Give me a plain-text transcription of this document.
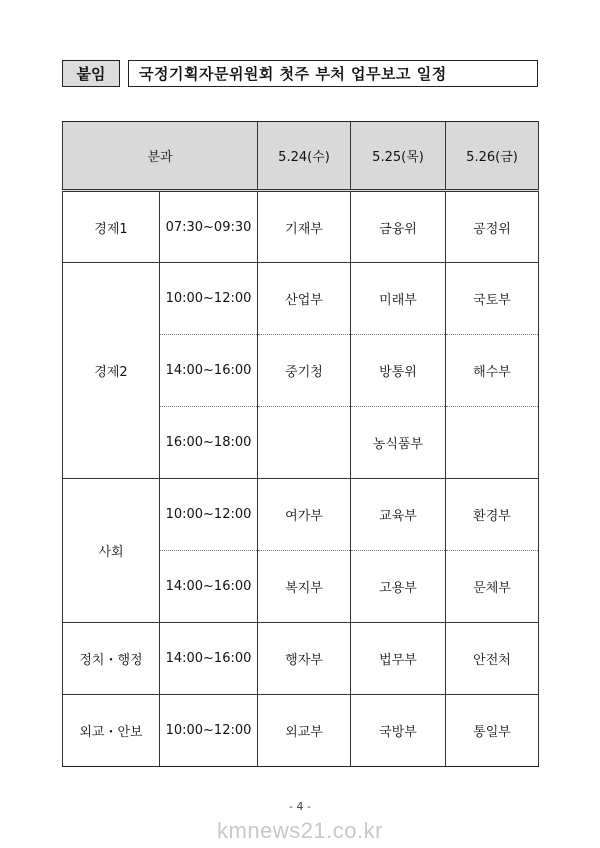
붙임	국정기획자문위원회 첫주 부처 업무보고 일정
분과		5.24(수)	5.25(목)	5.26(금)
경제1	07:30~09:30	기재부	금융위	공정위
경제2	10:00~12:00	산업부	미래부	국토부
	14:00~16:00	중기청	방통위	해수부
	16:00~18:00		농식품부	
사회	10:00~12:00	여가부	교육부	환경부
	14:00~16:00	복지부	고용부	문체부
정치・행정	14:00~16:00	행자부	법무부	안전처
외교・안보	10:00~12:00	외교부	국방부	통일부
- 4 -
kmnews21.co.kr
